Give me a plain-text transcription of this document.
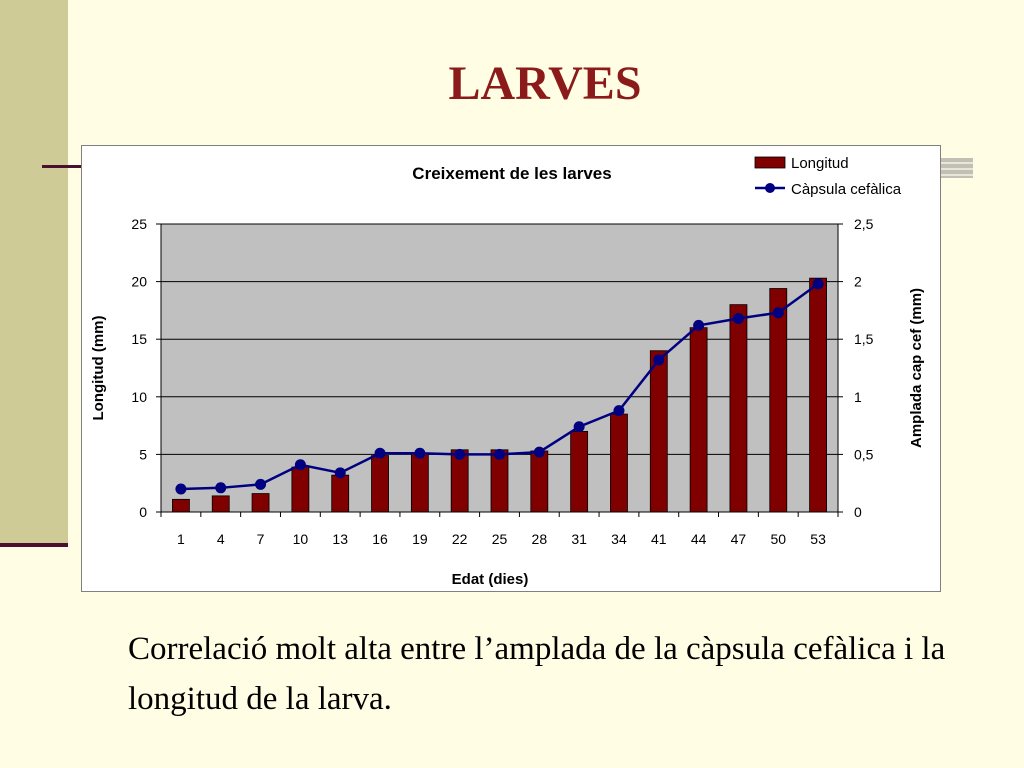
LARVES
Creixement de les larves
Edat (dies)
Longitud (mm)	Amplada cap cef (mm)
Longitud
Càpsula cefàlica
0	0
5	0,5
10	1
15	1,5
20	2
25	2,5
1 4 7 10 13 16 19 22 25 28 31 34 41 44 47 50 53
Correlació molt alta entre l’amplada de la càpsula cefàlica i la longitud de la larva.
